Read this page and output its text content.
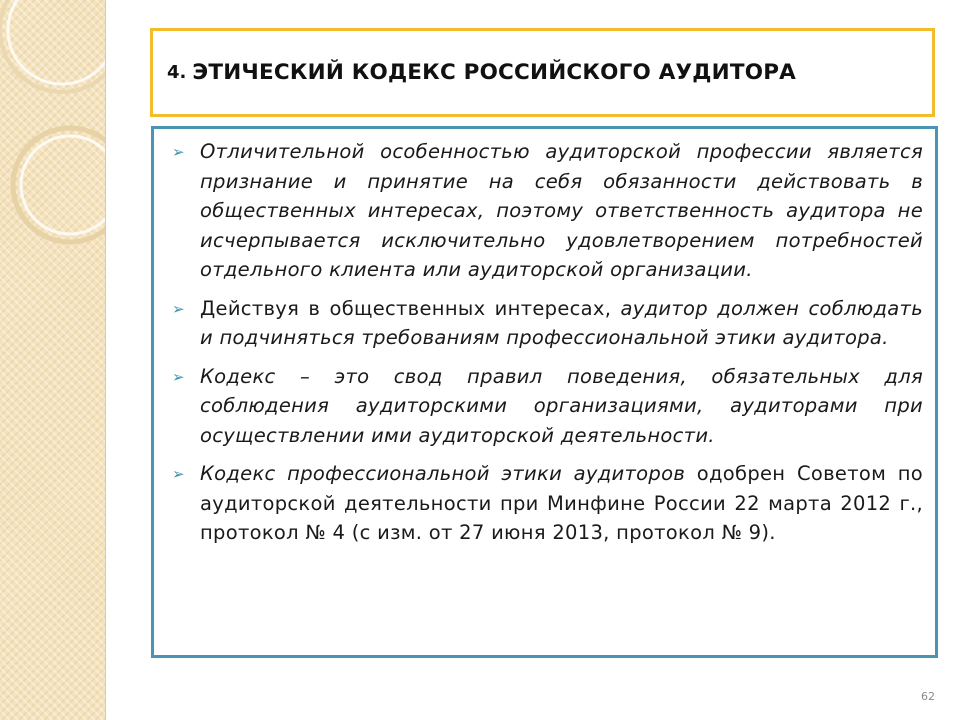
4. ЭТИЧЕСКИЙ КОДЕКС РОССИЙСКОГО АУДИТОРА
➢ Отличительной особенностью аудиторской профессии является признание и принятие на себя обязанности действовать в общественных интересах, поэтому ответственность аудитора не исчерпывается исключительно удовлетворением потребностей отдельного клиента или аудиторской организации.
➢ Действуя в общественных интересах, аудитор должен соблюдать и подчиняться требованиям профессиональной этики аудитора.
➢ Кодекс – это свод правил поведения, обязательных для соблюдения аудиторскими организациями, аудиторами при осуществлении ими аудиторской деятельности.
➢ Кодекс профессиональной этики аудиторов одобрен Советом по аудиторской деятельности при Минфине России 22 марта 2012 г., протокол № 4 (с изм. от 27 июня 2013, протокол № 9).
62
